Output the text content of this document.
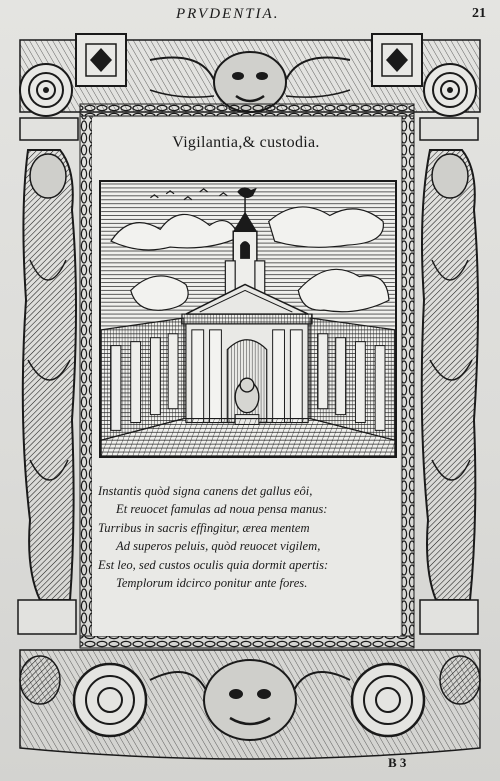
PRVDENTIA.	21
Vigilantia,& custodia.
Instantis quòd signa canens det gallus eôi,
Et reuocet famulas ad noua pensa manus:
Turribus in sacris effingitur, ærea mentem
Ad superos peluis, quòd reuocet vigilem,
Est leo, sed custos oculis quia dormit apertis:
Templorum idcirco ponitur ante fores.
B 3
